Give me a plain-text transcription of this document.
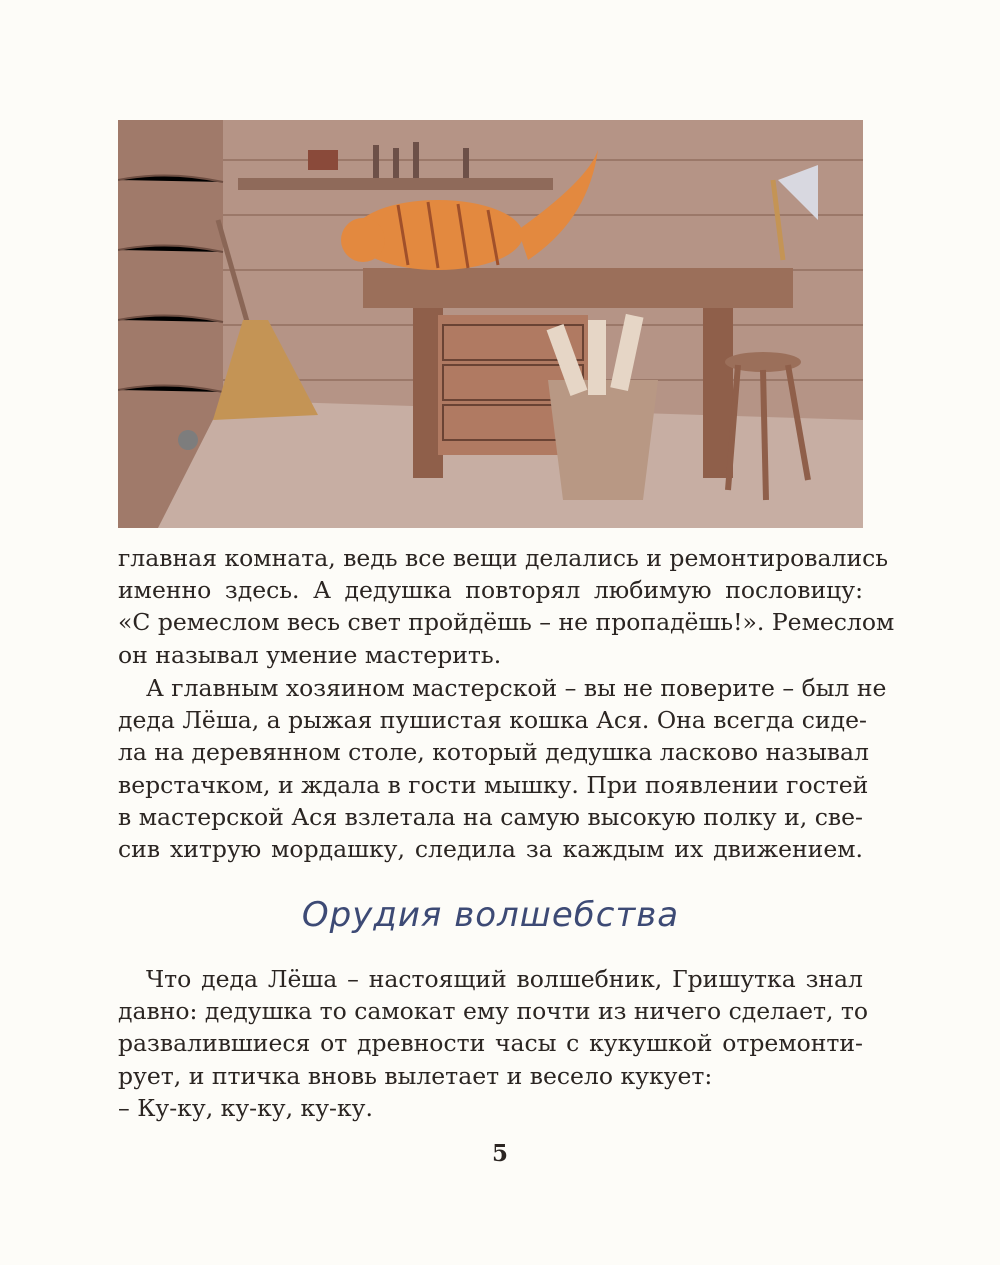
главная комната, ведь все вещи делались и ремонтировались
именно здесь. А дедушка повторял любимую пословицу:
«С ремеслом весь свет пройдёшь – не пропадёшь!». Ремеслом
он называл умение мастерить.
А главным хозяином мастерской – вы не поверите – был не
деда Лёша, а рыжая пушистая кошка Ася. Она всегда сиде-
ла на деревянном столе, который дедушка ласково называл
верстачком, и ждала в гости мышку. При появлении гостей
в мастерской Ася взлетала на самую высокую полку и, све-
сив хитрую мордашку, следила за каждым их движением.
Орудия волшебства
Что деда Лёша – настоящий волшебник, Гришутка знал
давно: дедушка то самокат ему почти из ничего сделает, то
развалившиеся от древности часы с кукушкой отремонти-
рует, и птичка вновь вылетает и весело кукует:
– Ку-ку, ку-ку, ку-ку.
5
